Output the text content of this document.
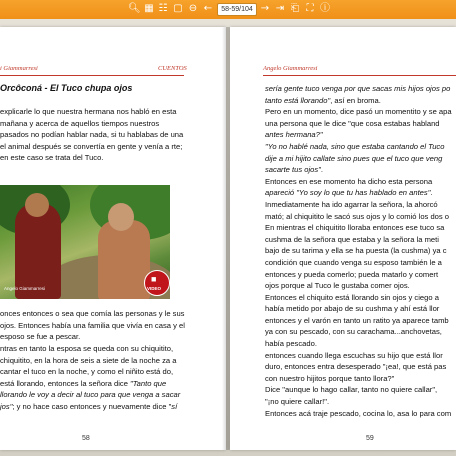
🔍︎ ▦ ☷ ▢ ⊖ ←	58-59/104 → ⇥ ⎗ ⛶ ⓘ
i Giammarresi	CUENTOS
Orcôconá - El Tuco chupa ojos

explicarle lo que nuestra hermana nos habló en esta mañana y acerca de aquellos tiempos nuestros pasados no podían hablar nada, si tu hablabas de una el animal después se convertía en gente y venía a rte; en este caso se trata del Tuco.

Angelo Giammarresi
■
VIDEO

onces entonces o sea que comía las personas y le sus ojos. Entonces había una familia que vivía en casa y el esposo se fue a pescar.

ntras en tanto la esposa se queda con su chiquitito, chiquitito, en la hora de seis a siete de la noche za a cantar el tuco en la noche, y como el niñito está do, está llorando, entonces la señora dice "Tanto que llorando le voy a decir al tuco para que venga a sacar jos"; y no hace caso entonces y nuevamente dice "sí

58
Angelo Giammarresi

sería gente tuco venga por que sacas mis hijos ojos po

tanto está llorando", así en broma.

Pero en un momento, dice pasó un momentito y se apa

una persona que le dice "que cosa estabas habland

antes hermana?"

"Yo no hablé nada, sino que estaba cantando el Tuco

dije a mi hijito callate sino pues que el tuco que veng

sacarte tus ojos".

Entonces en ese momento ha dicho esta persona

apareció "Yo soy lo que tu has hablado en antes".

Inmediatamente ha ido agarrar la señora, la ahorcó

mató; al chiquitito le sacó sus ojos y lo comió los dos o

En mientras el chiquitito lloraba entonces ese tuco sa

cushma de la señora que estaba y la señora la meti

bajo de su tarima y ella se ha puesta (la cushma) ya c

condición que cuando venga su esposo también le a

entonces y pueda comerlo; pueda matarlo y comert

ojos porque al Tuco le gustaba comer ojos.

Entonces el chiquito está llorando sin ojos y ciego a

había metido por abajo de su cushma y ahí está llor

entonces y el varón en tanto un ratito ya aparece tamb

ya con su pescado, con su carachama...anchovetas,

había pescado.

entonces cuando llega escuchas su hijo que está llor

duro, entonces entra desesperado "¡ea!, que está pas

con nuestro hijitos porque tanto llora?"

Dice "aunque lo hago callar, tanto no quiere callar",

"¡no quiere callar!".

Entonces acá traje pescado, cocina lo, asa lo para com

59
